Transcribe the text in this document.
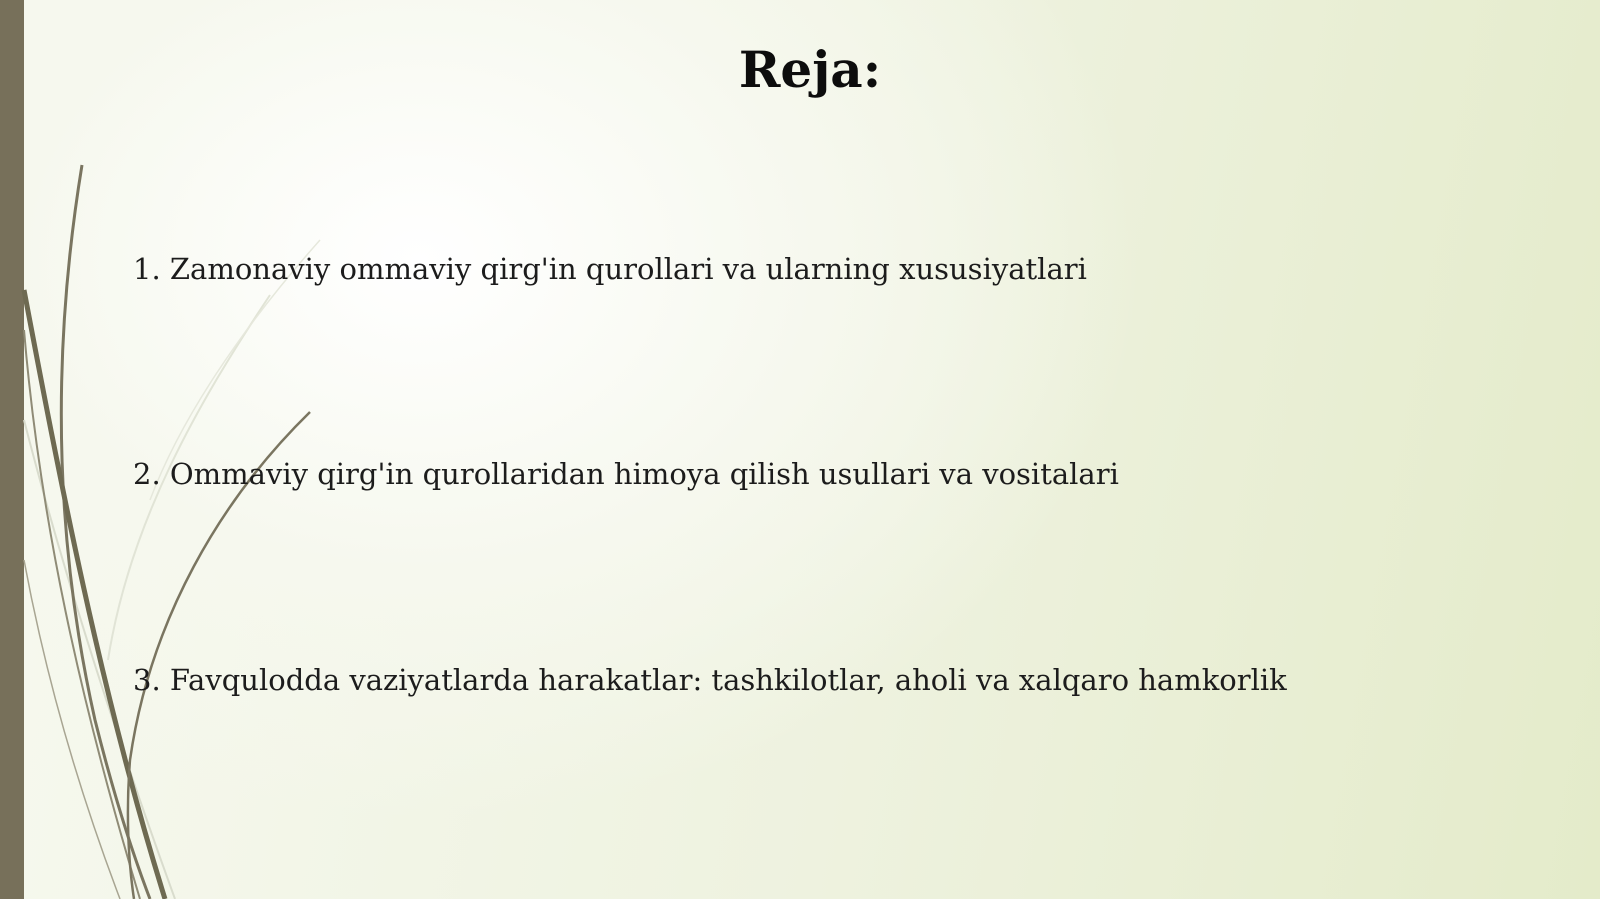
Reja:
1. Zamonaviy ommaviy qirg'in qurollari va ularning xususiyatlari
2. Ommaviy qirg'in qurollaridan himoya qilish usullari va vositalari
3. Favqulodda vaziyatlarda harakatlar: tashkilotlar, aholi va xalqaro hamkorlik
